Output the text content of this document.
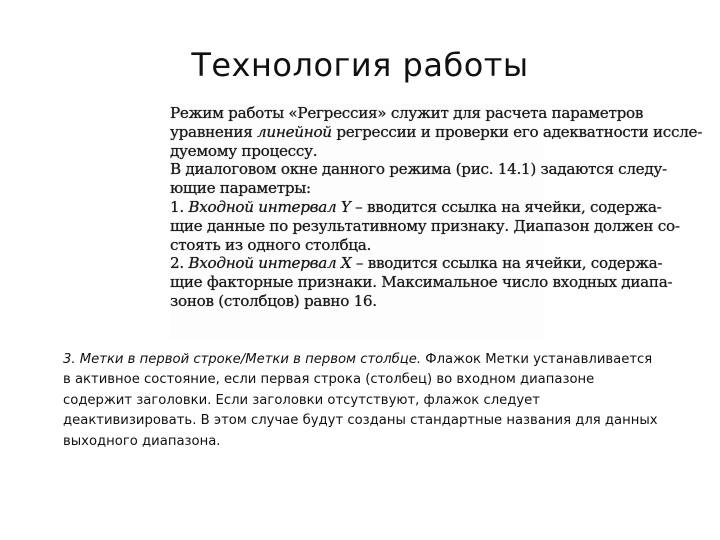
Технология работы
Режим работы «Регрессия» служит для расчета параметров
уравнения линейной регрессии и проверки его адекватности иссле-
дуемому процессу.
В диалоговом окне данного режима (рис. 14.1) задаются следу-
ющие параметры:
1. Входной интервал Y – вводится ссылка на ячейки, содержа-
щие данные по результативному признаку. Диапазон должен со-
стоять из одного столбца.
2. Входной интервал X – вводится ссылка на ячейки, содержа-
щие факторные признаки. Максимальное число входных диапа-
зонов (столбцов) равно 16.
3. Метки в первой строке/Метки в первом столбце. Флажок Метки устанавливается в активное состояние, если первая строка (столбец) во входном диапазоне содержит заголовки. Если заголовки отсутствуют, флажок следует деактивизировать. В этом случае будут созданы стандартные названия для данных выходного диапазона.
